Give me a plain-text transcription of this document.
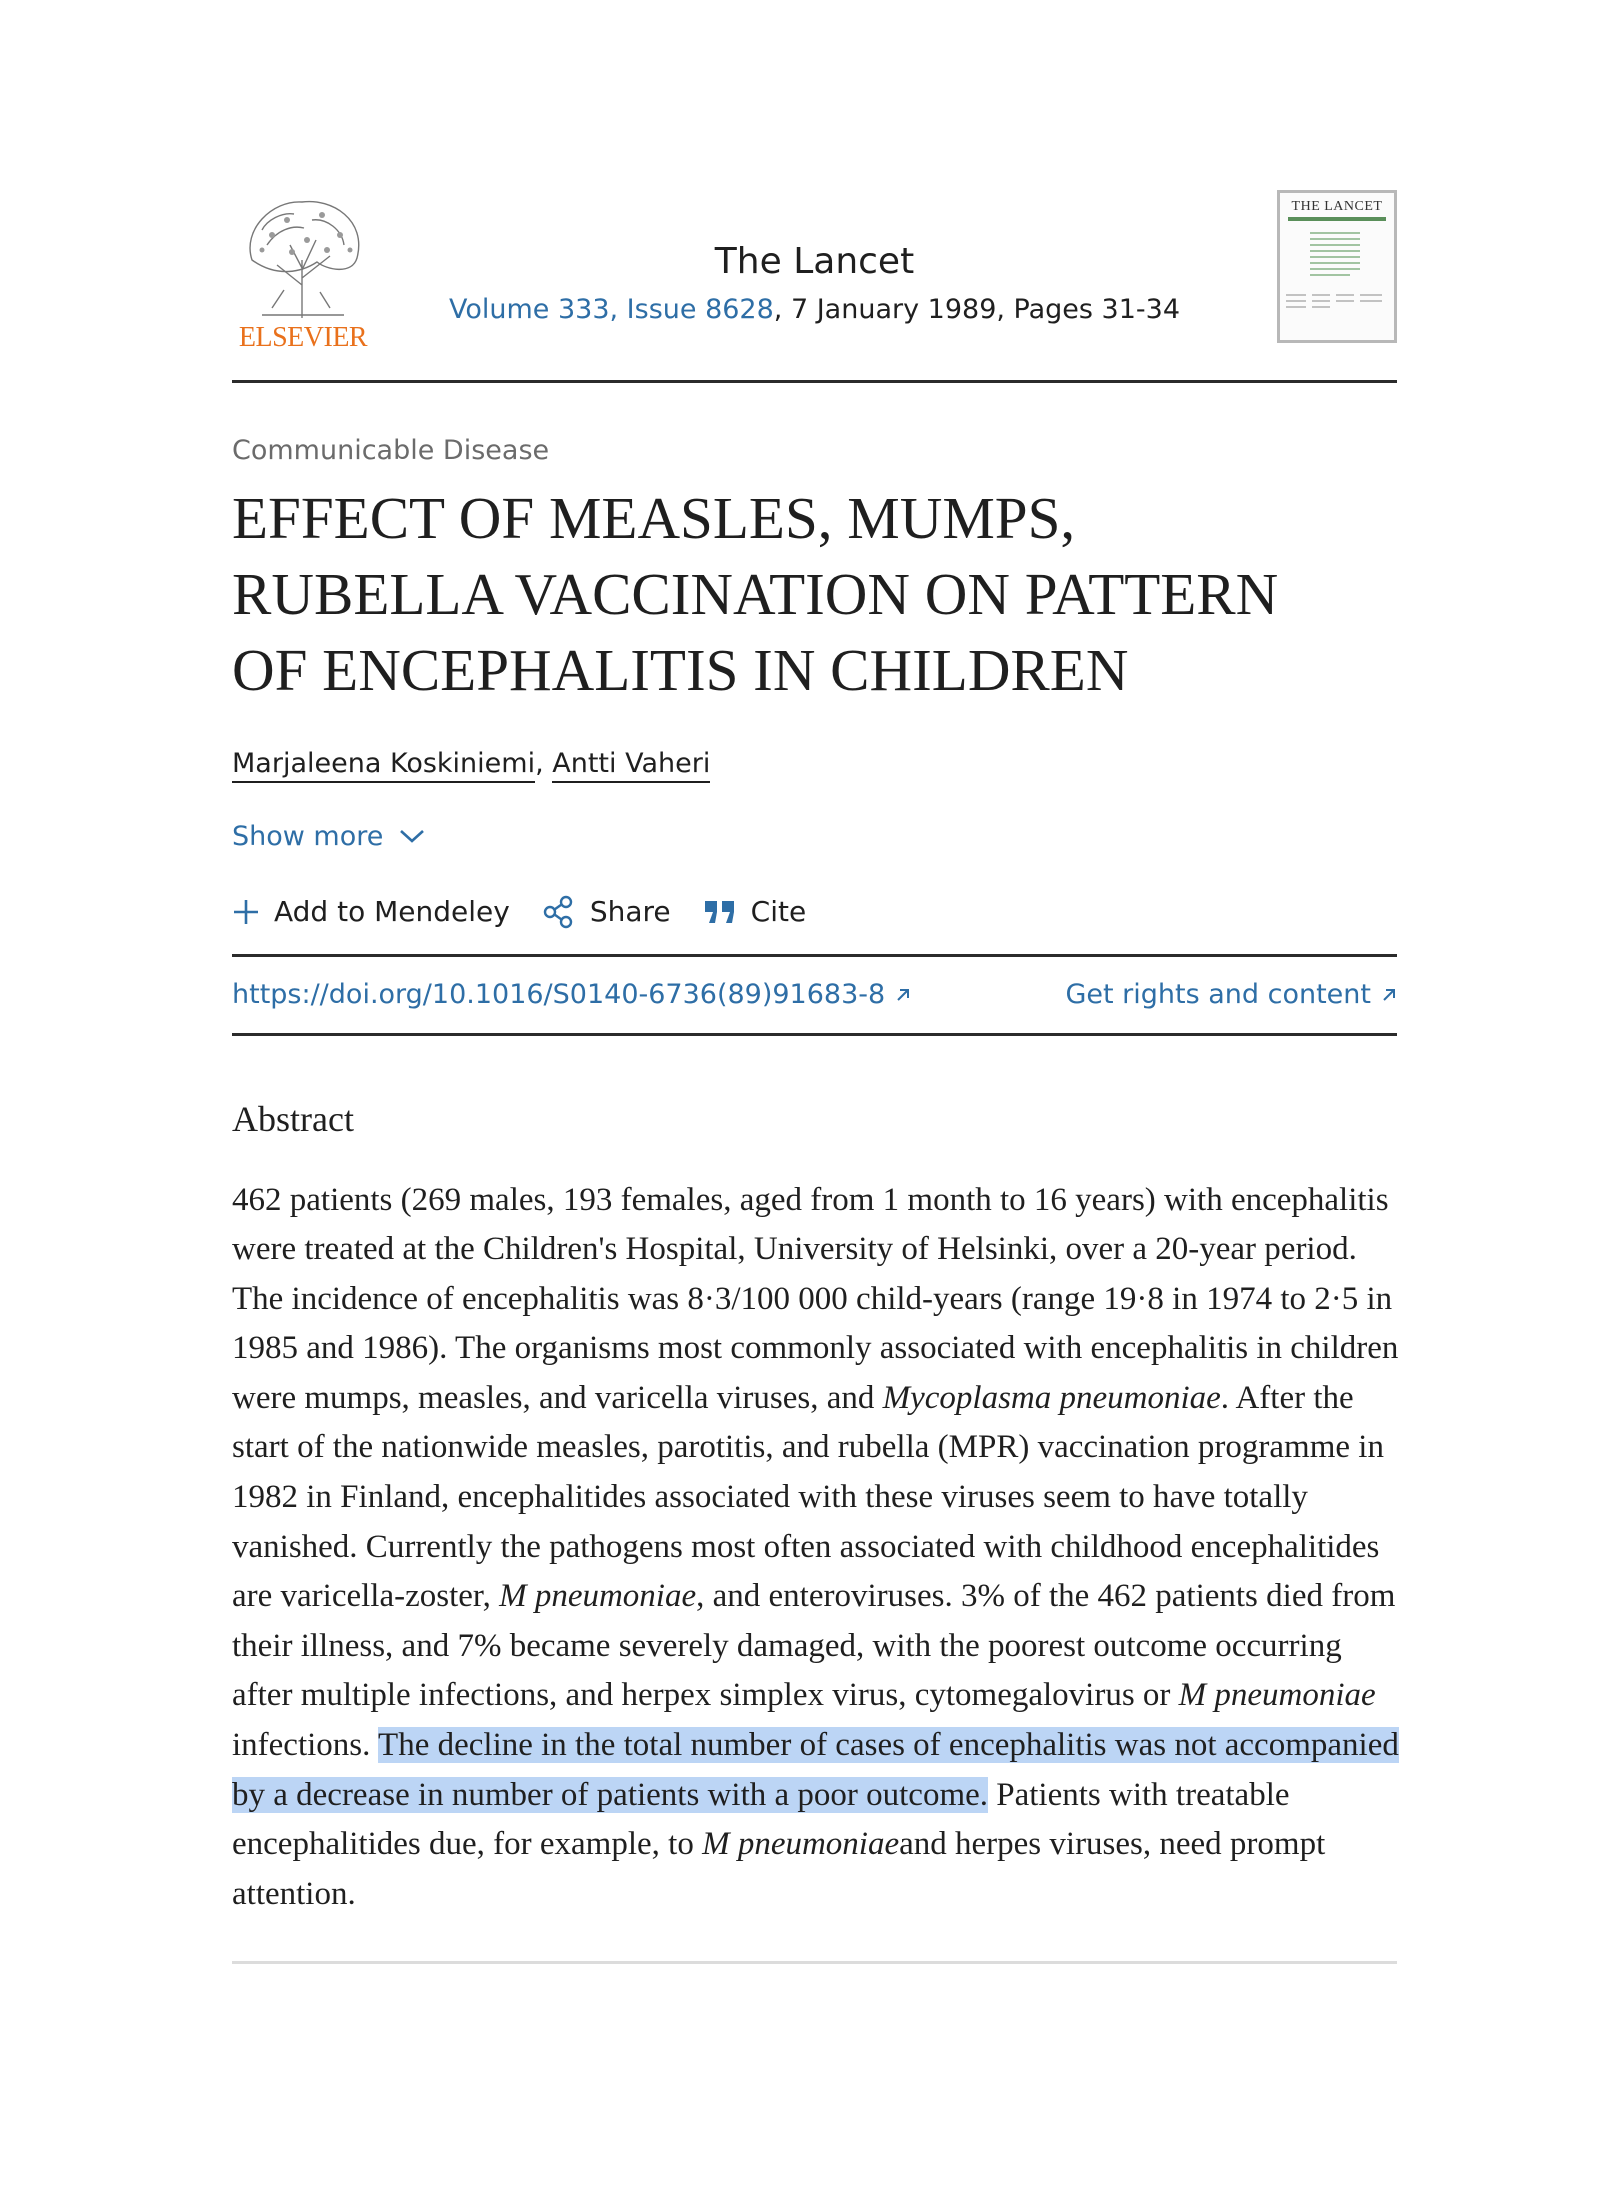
ELSEVIER
The Lancet
Volume 333, Issue 8628, 7 January 1989, Pages 31-34
THE LANCET
Communicable Disease
EFFECT OF MEASLES, MUMPS, RUBELLA VACCINATION ON PATTERN OF ENCEPHALITIS IN CHILDREN
Marjaleena Koskiniemi, Antti Vaheri
Show more
Add to Mendeley	Share	Cite
https://doi.org/10.1016/S0140-6736(89)91683-8	Get rights and content
Abstract
462 patients (269 males, 193 females, aged from 1 month to 16 years) with encephalitis were treated at the Children's Hospital, University of Helsinki, over a 20-year period. The incidence of encephalitis was 8·3/100 000 child-years (range 19·8 in 1974 to 2·5 in 1985 and 1986). The organisms most commonly associated with encephalitis in children were mumps, measles, and varicella viruses, and Mycoplasma pneumoniae. After the start of the nationwide measles, parotitis, and rubella (MPR) vaccination programme in 1982 in Finland, encephalitides associated with these viruses seem to have totally vanished. Currently the pathogens most often associated with childhood encephalitides are varicella-zoster, M pneumoniae, and enteroviruses. 3% of the 462 patients died from their illness, and 7% became severely damaged, with the poorest outcome occurring after multiple infections, and herpex simplex virus, cytomegalovirus or M pneumoniae infections. The decline in the total number of cases of encephalitis was not accompanied by a decrease in number of patients with a poor outcome. Patients with treatable encephalitides due, for example, to M pneumoniaeand herpes viruses, need prompt attention.
